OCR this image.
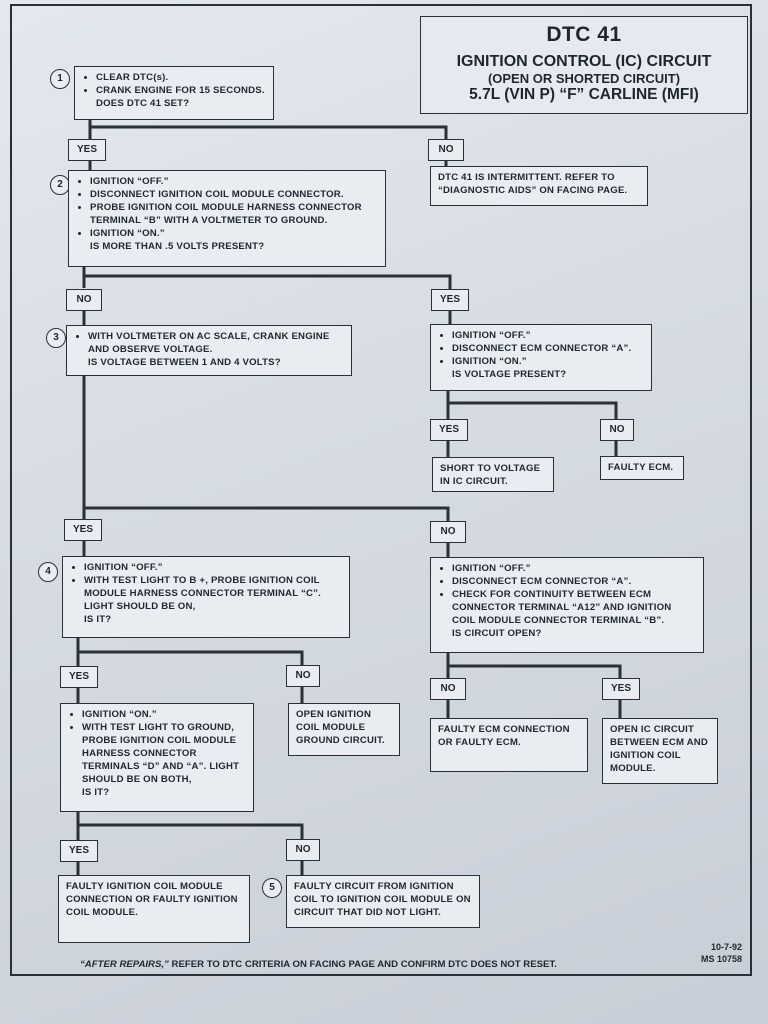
DTC 41
IGNITION CONTROL (IC) CIRCUIT
(OPEN OR SHORTED CIRCUIT)
5.7L (VIN P) “F” CARLINE (MFI)
1
2
3
4
5
• CLEAR DTC(s).
• CRANK ENGINE FOR 15 SECONDS.
DOES DTC 41 SET?
YES	NO
DTC 41 IS INTERMITTENT. REFER TO “DIAGNOSTIC AIDS” ON FACING PAGE.
• IGNITION “OFF.”
• DISCONNECT IGNITION COIL MODULE CONNECTOR.
• PROBE IGNITION COIL MODULE HARNESS CONNECTOR TERMINAL “B” WITH A VOLTMETER TO GROUND.
• IGNITION “ON.”
IS MORE THAN .5 VOLTS PRESENT?
NO	YES
• WITH VOLTMETER ON AC SCALE, CRANK ENGINE AND OBSERVE VOLTAGE.
IS VOLTAGE BETWEEN 1 AND 4 VOLTS?
• IGNITION “OFF.”
• DISCONNECT ECM CONNECTOR “A”.
• IGNITION “ON.”
IS VOLTAGE PRESENT?
YES	NO
SHORT TO VOLTAGE IN IC CIRCUIT.
FAULTY ECM.
YES	NO
• IGNITION “OFF.”
• WITH TEST LIGHT TO B +, PROBE IGNITION COIL MODULE HARNESS CONNECTOR TERMINAL “C”. LIGHT SHOULD BE ON,
IS IT?
• IGNITION “OFF.”
• DISCONNECT ECM CONNECTOR “A”.
• CHECK FOR CONTINUITY BETWEEN ECM CONNECTOR TERMINAL “A12” AND IGNITION COIL MODULE CONNECTOR TERMINAL “B”.
IS CIRCUIT OPEN?
YES	NO
NO	YES
• IGNITION “ON.”
• WITH TEST LIGHT TO GROUND, PROBE IGNITION COIL MODULE HARNESS CONNECTOR TERMINALS “D” AND “A”. LIGHT SHOULD BE ON BOTH,
IS IT?
OPEN IGNITION COIL MODULE GROUND CIRCUIT.
FAULTY ECM CONNECTION OR FAULTY ECM.
OPEN IC CIRCUIT BETWEEN ECM AND IGNITION COIL MODULE.
YES	NO
FAULTY IGNITION COIL MODULE CONNECTION OR FAULTY IGNITION COIL MODULE.
FAULTY CIRCUIT FROM IGNITION COIL TO IGNITION COIL MODULE ON CIRCUIT THAT DID NOT LIGHT.
“AFTER REPAIRS,” REFER TO DTC CRITERIA ON FACING PAGE AND CONFIRM DTC DOES NOT RESET.
10-7-92
MS 10758
